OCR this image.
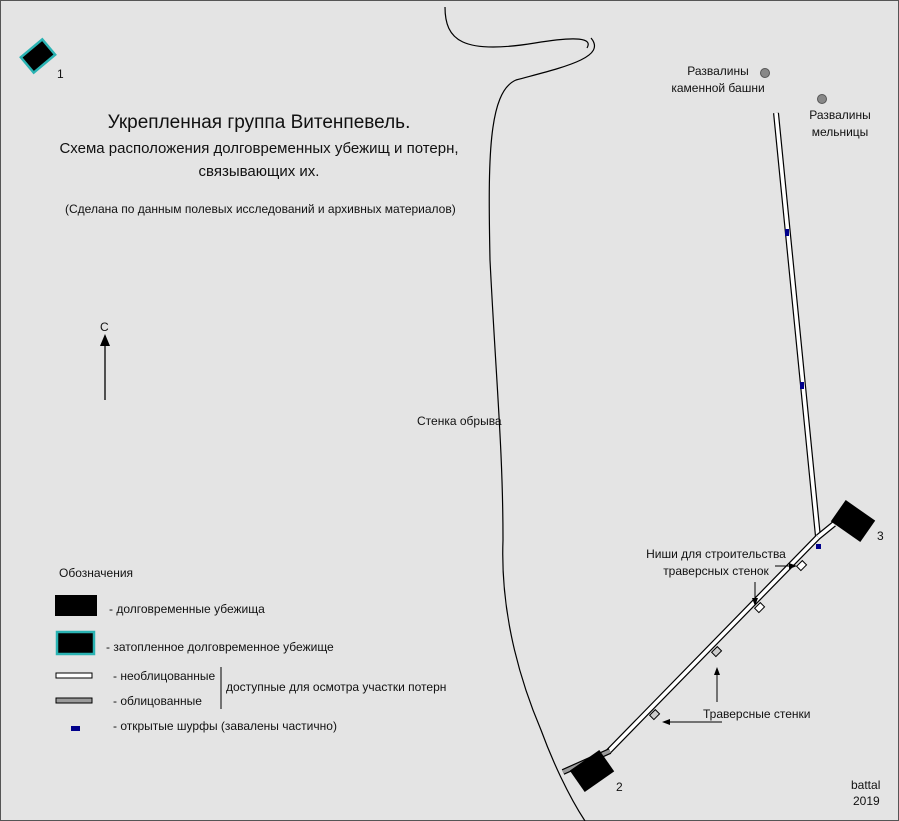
Укрепленная группа Витенпевель.
Схема расположения долговременных убежищ и потерн,
связывающих их.
(Сделана по данным полевых исследований и архивных материалов)
С
Стенка обрыва
Развалины
каменной башни
Развалины
мельницы
Ниши для строительства
траверсных стенок
Траверсные стенки
1
2
3
Обозначения
- долговременные убежища
- затопленное долговременное убежище
- необлицованные
- облицованные
доступные для осмотра участки потерн
- открытые шурфы (завалены частично)
battal
2019
